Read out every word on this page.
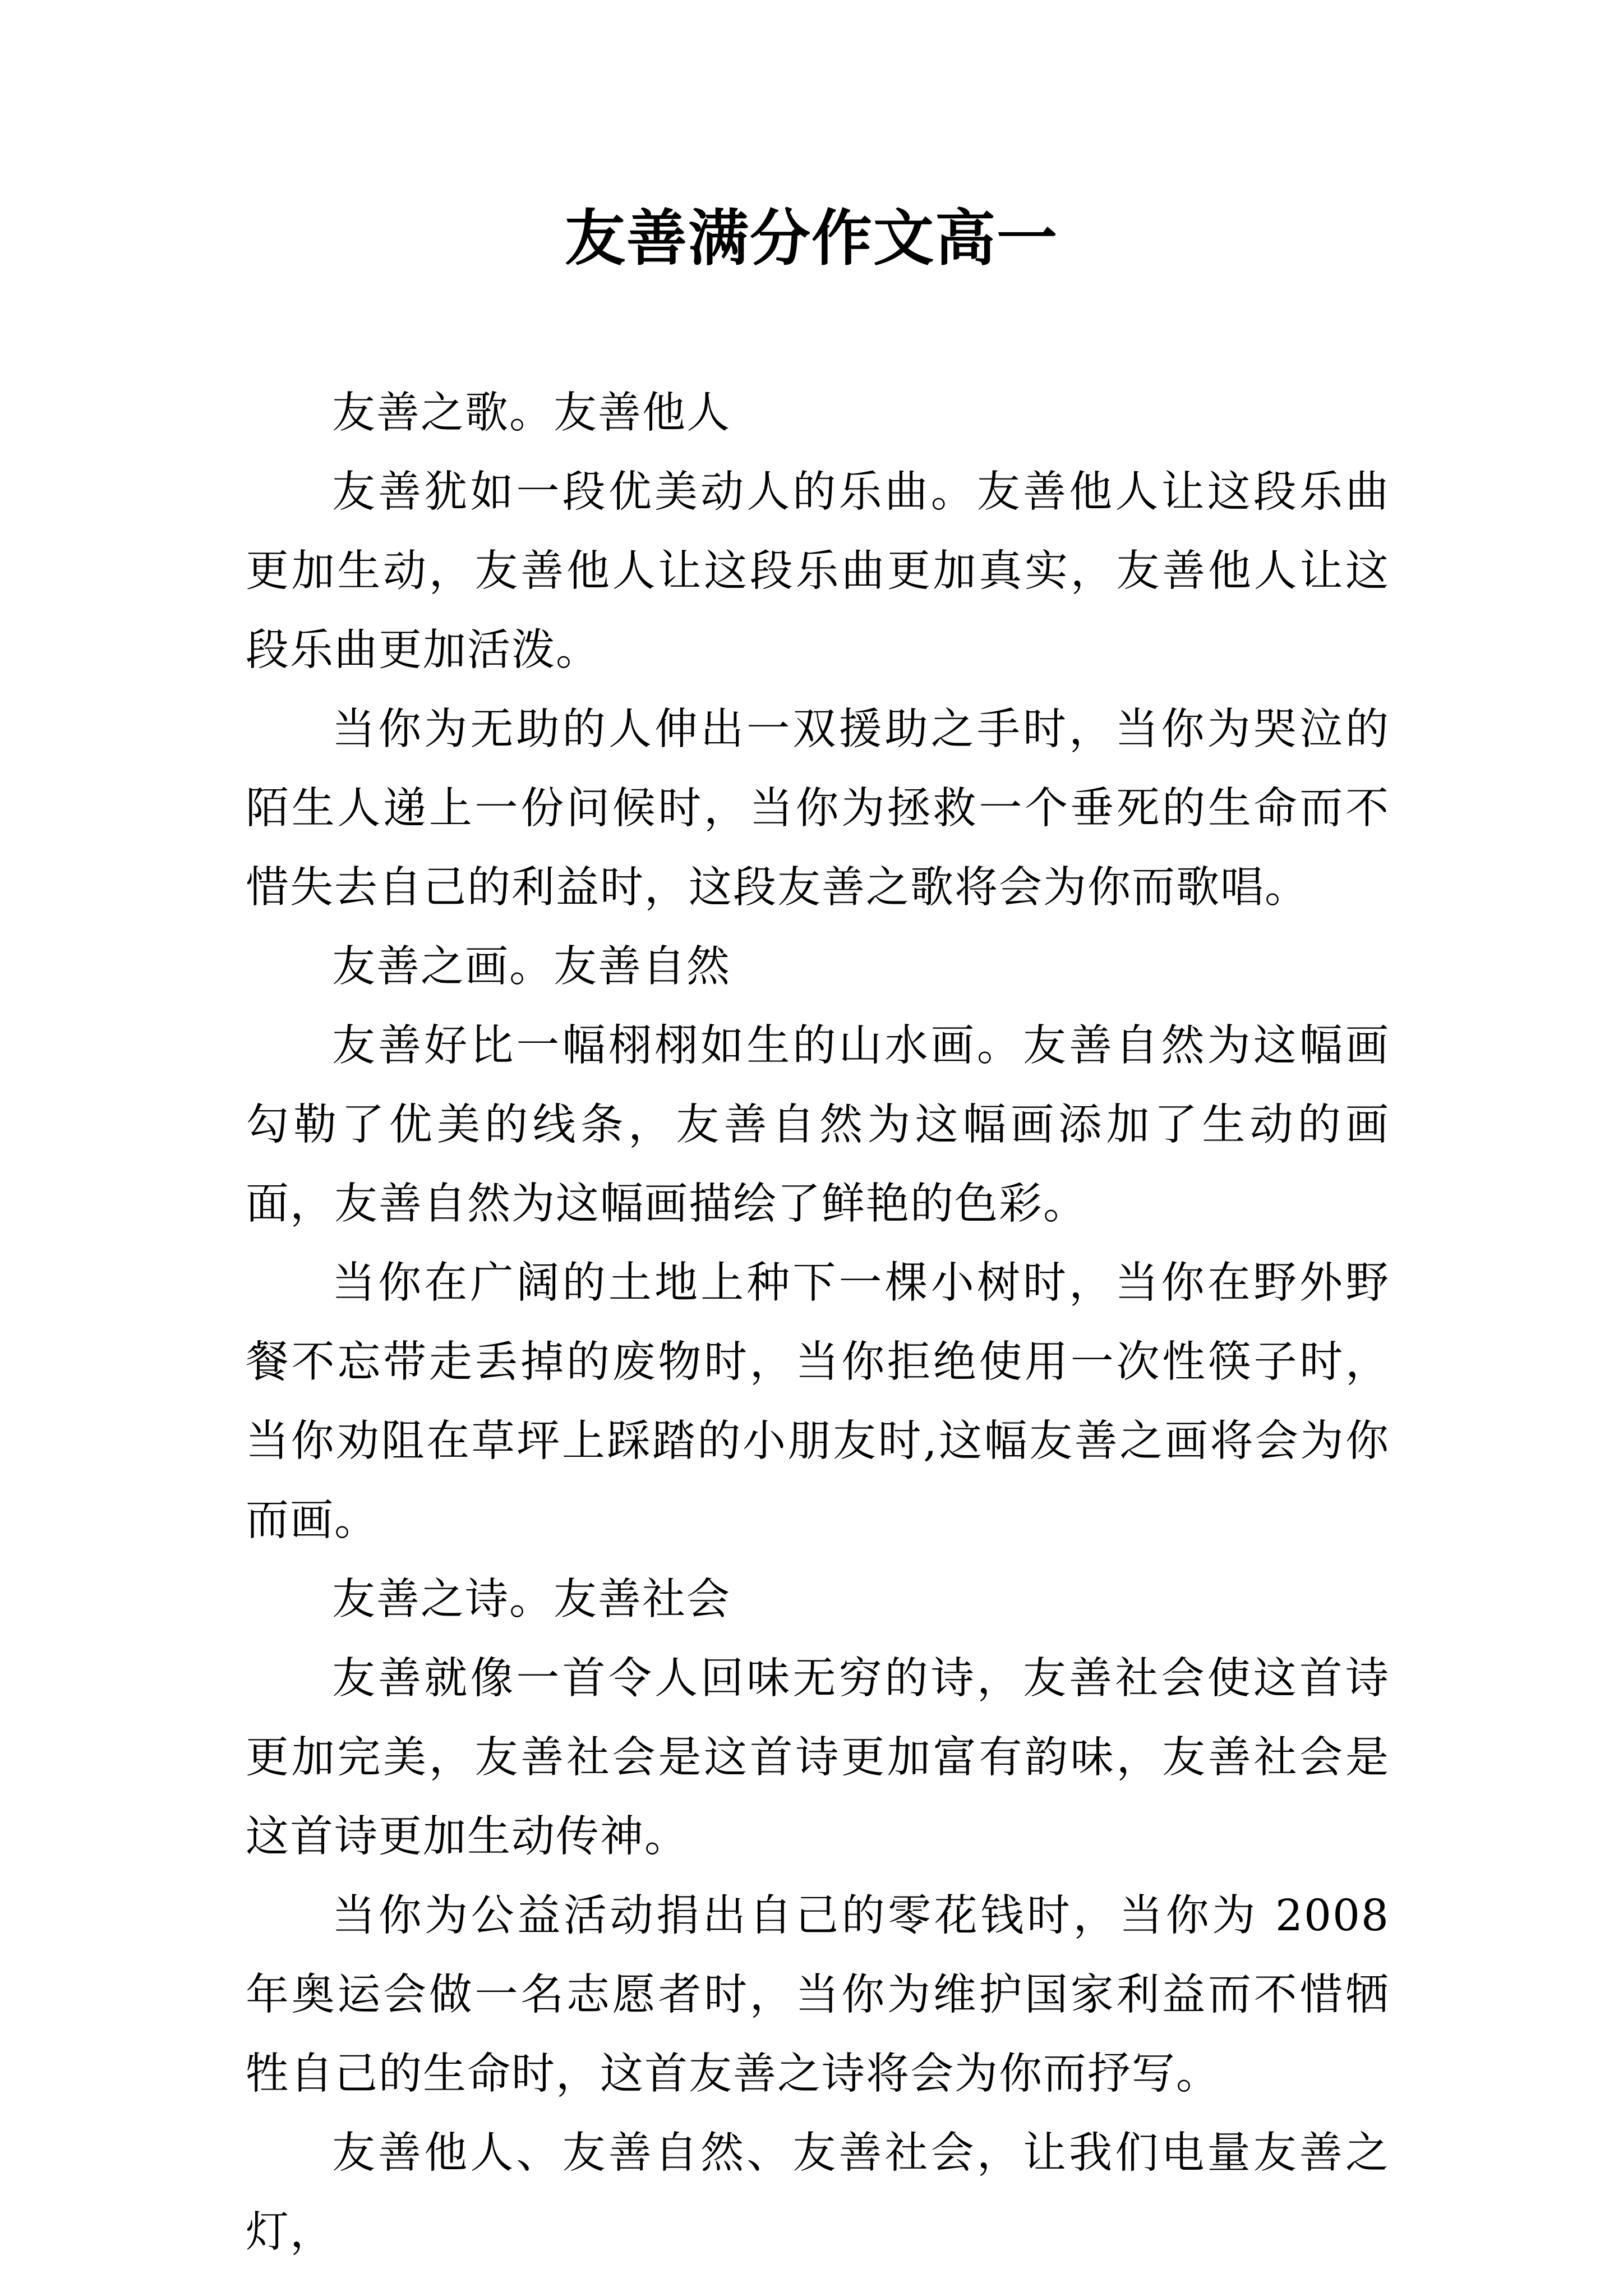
友善满分作文高一

友善之歌。友善他人

友善犹如一段优美动人的乐曲。友善他人让这段乐曲更加生动，友善他人让这段乐曲更加真实，友善他人让这段乐曲更加活泼。

当你为无助的人伸出一双援助之手时，当你为哭泣的陌生人递上一份问候时，当你为拯救一个垂死的生命而不惜失去自己的利益时，这段友善之歌将会为你而歌唱。

友善之画。友善自然

友善好比一幅栩栩如生的山水画。友善自然为这幅画勾勒了优美的线条，友善自然为这幅画添加了生动的画面，友善自然为这幅画描绘了鲜艳的色彩。

当你在广阔的土地上种下一棵小树时，当你在野外野餐不忘带走丢掉的废物时，当你拒绝使用一次性筷子时，当你劝阻在草坪上踩踏的小朋友时,这幅友善之画将会为你而画。

友善之诗。友善社会

友善就像一首令人回味无穷的诗，友善社会使这首诗更加完美，友善社会是这首诗更加富有韵味，友善社会是这首诗更加生动传神。

当你为公益活动捐出自己的零花钱时，当你为 2008 年奥运会做一名志愿者时，当你为维护国家利益而不惜牺牲自己的生命时，这首友善之诗将会为你而抒写。

友善他人、友善自然、友善社会，让我们电量友善之灯，
